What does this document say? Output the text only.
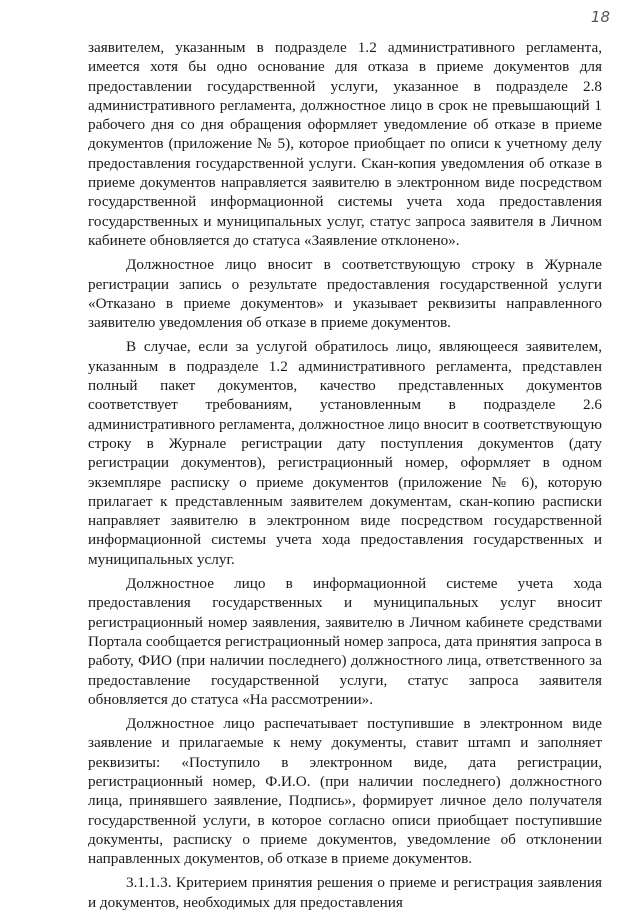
18

заявителем, указанным в подразделе 1.2 административного регламента, имеется хотя бы одно основание для отказа в приеме документов для предоставлении государственной услуги, указанное в подразделе 2.8 административного регламента, должностное лицо в срок не превышающий 1 рабочего дня со дня обращения оформляет уведомление об отказе в приеме документов (приложение № 5), которое приобщает по описи к учетному делу предоставления государственной услуги. Скан-копия уведомления об отказе в приеме документов направляется заявителю в электронном виде посредством государственной информационной системы учета хода предоставления государственных и муниципальных услуг, статус запроса заявителя в Личном кабинете обновляется до статуса «Заявление отклонено».

Должностное лицо вносит в соответствующую строку в Журнале регистрации запись о результате предоставления государственной услуги «Отказано в приеме документов» и указывает реквизиты направленного заявителю уведомления об отказе в приеме документов.

В случае, если за услугой обратилось лицо, являющееся заявителем, указанным в подразделе 1.2 административного регламента, представлен полный пакет документов, качество представленных документов соответствует требованиям, установленным в подразделе 2.6 административного регламента, должностное лицо вносит в соответствующую строку в Журнале регистрации дату поступления документов (дату регистрации документов), регистрационный номер, оформляет в одном экземпляре расписку о приеме документов (приложение № 6), которую прилагает к представленным заявителем документам, скан-копию расписки направляет заявителю в электронном виде посредством государственной информационной системы учета хода предоставления государственных и муниципальных услуг.

Должностное лицо в информационной системе учета хода предоставления государственных и муниципальных услуг вносит регистрационный номер заявления, заявителю в Личном кабинете средствами Портала сообщается регистрационный номер запроса, дата принятия запроса в работу, ФИО (при наличии последнего) должностного лица, ответственного за предоставление государственной услуги, статус запроса заявителя обновляется до статуса «На рассмотрении».

Должностное лицо распечатывает поступившие в электронном виде заявление и прилагаемые к нему документы, ставит штамп и заполняет реквизиты: «Поступило в электронном виде, дата регистрации, регистрационный номер, Ф.И.О. (при наличии последнего) должностного лица, принявшего заявление, Подпись», формирует личное дело получателя государственной услуги, в которое согласно описи приобщает поступившие документы, расписку о приеме документов, уведомление об отклонении направленных документов, об отказе в приеме документов.

3.1.1.3. Критерием принятия решения о приеме и регистрация заявления и документов, необходимых для предоставления
